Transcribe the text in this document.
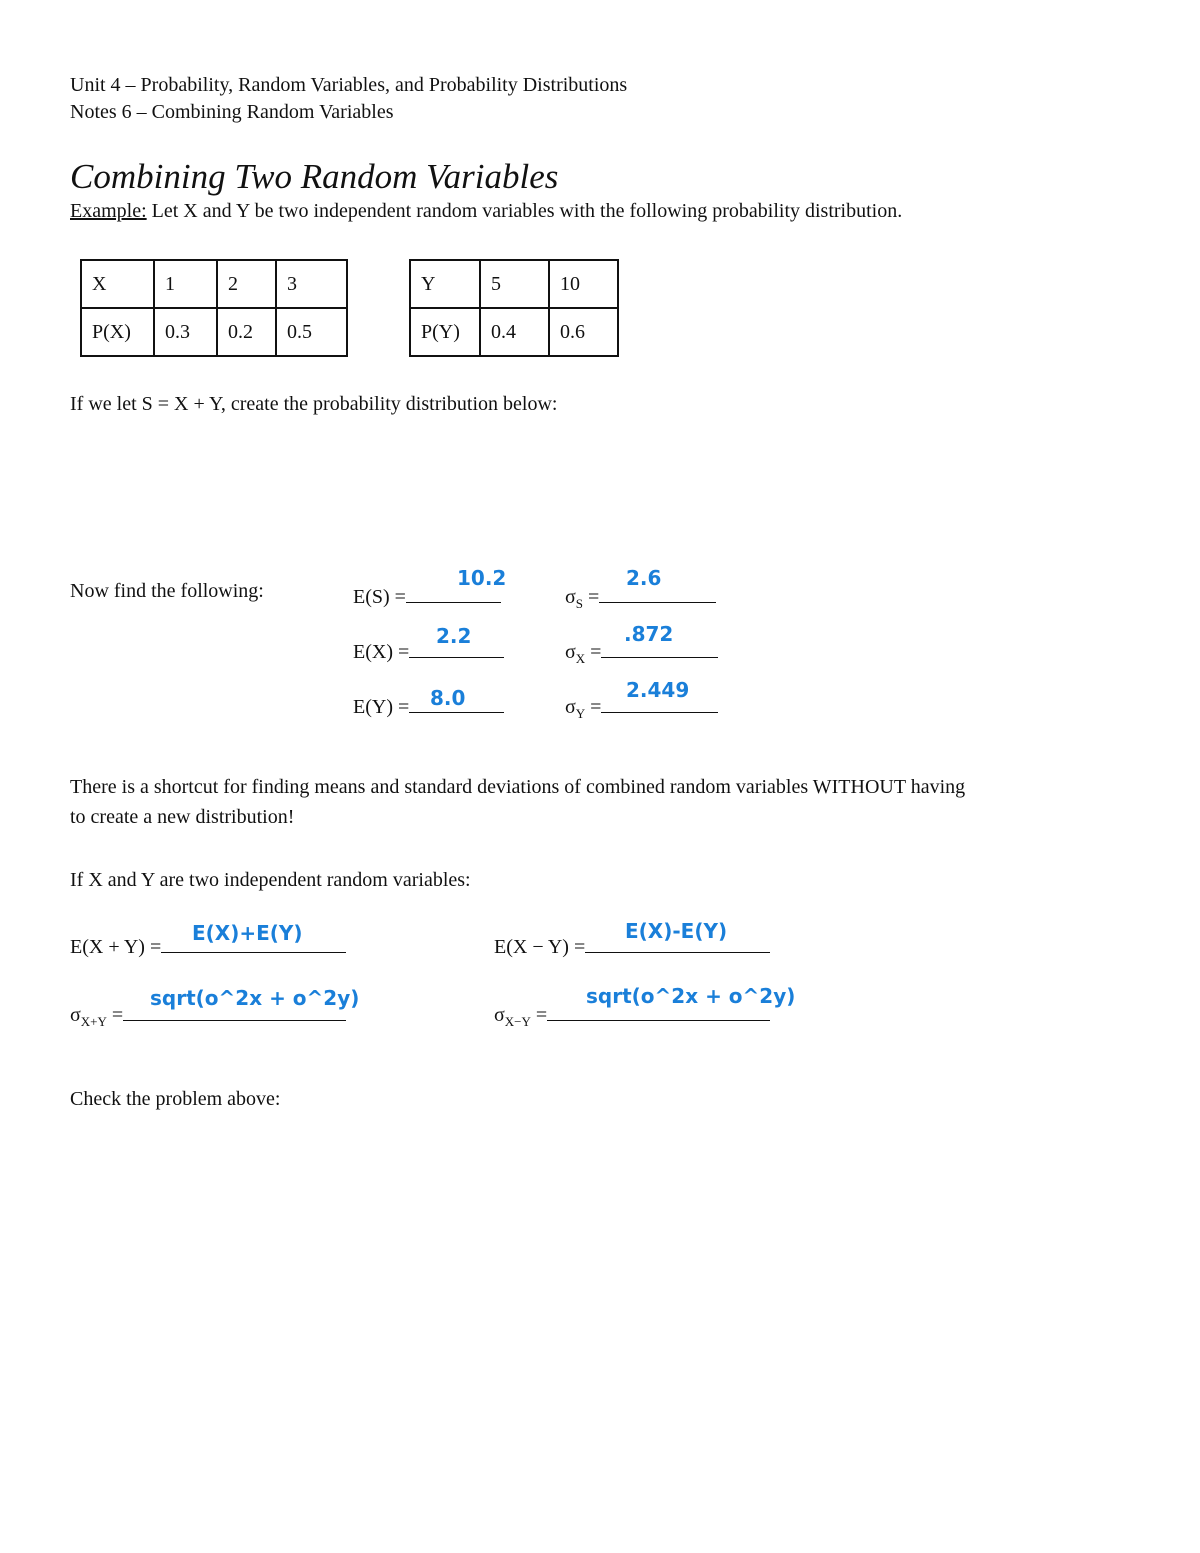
Unit 4 – Probability, Random Variables, and Probability Distributions
Notes 6 – Combining Random Variables
Combining Two Random Variables
Example: Let X and Y be two independent random variables with the following probability distribution.
X	1	2	3
P(X)	0.3	0.2	0.5
Y	5	10
P(Y)	0.4	0.6
If we let S = X + Y, create the probability distribution below:
Now find the following:	E(S) =
10.2
E(X) =
2.2
E(Y) =	8.0
$\sigma_S$ =
2.6
$\sigma_X$ =
.872
$\sigma_Y$ =
2.449
There is a shortcut for finding means and standard deviations of combined random variables WITHOUT having
to create a new distribution!
If X and Y are two independent random variables:
E(X + Y) =
E(X)+E(Y)
E(X − Y) =
E(X)-E(Y)
$\sigma_{X+Y}$ =
sqrt(o^2x + o^2y)
$\sigma_{X-Y}$ =
sqrt(o^2x + o^2y)
Check the problem above:
